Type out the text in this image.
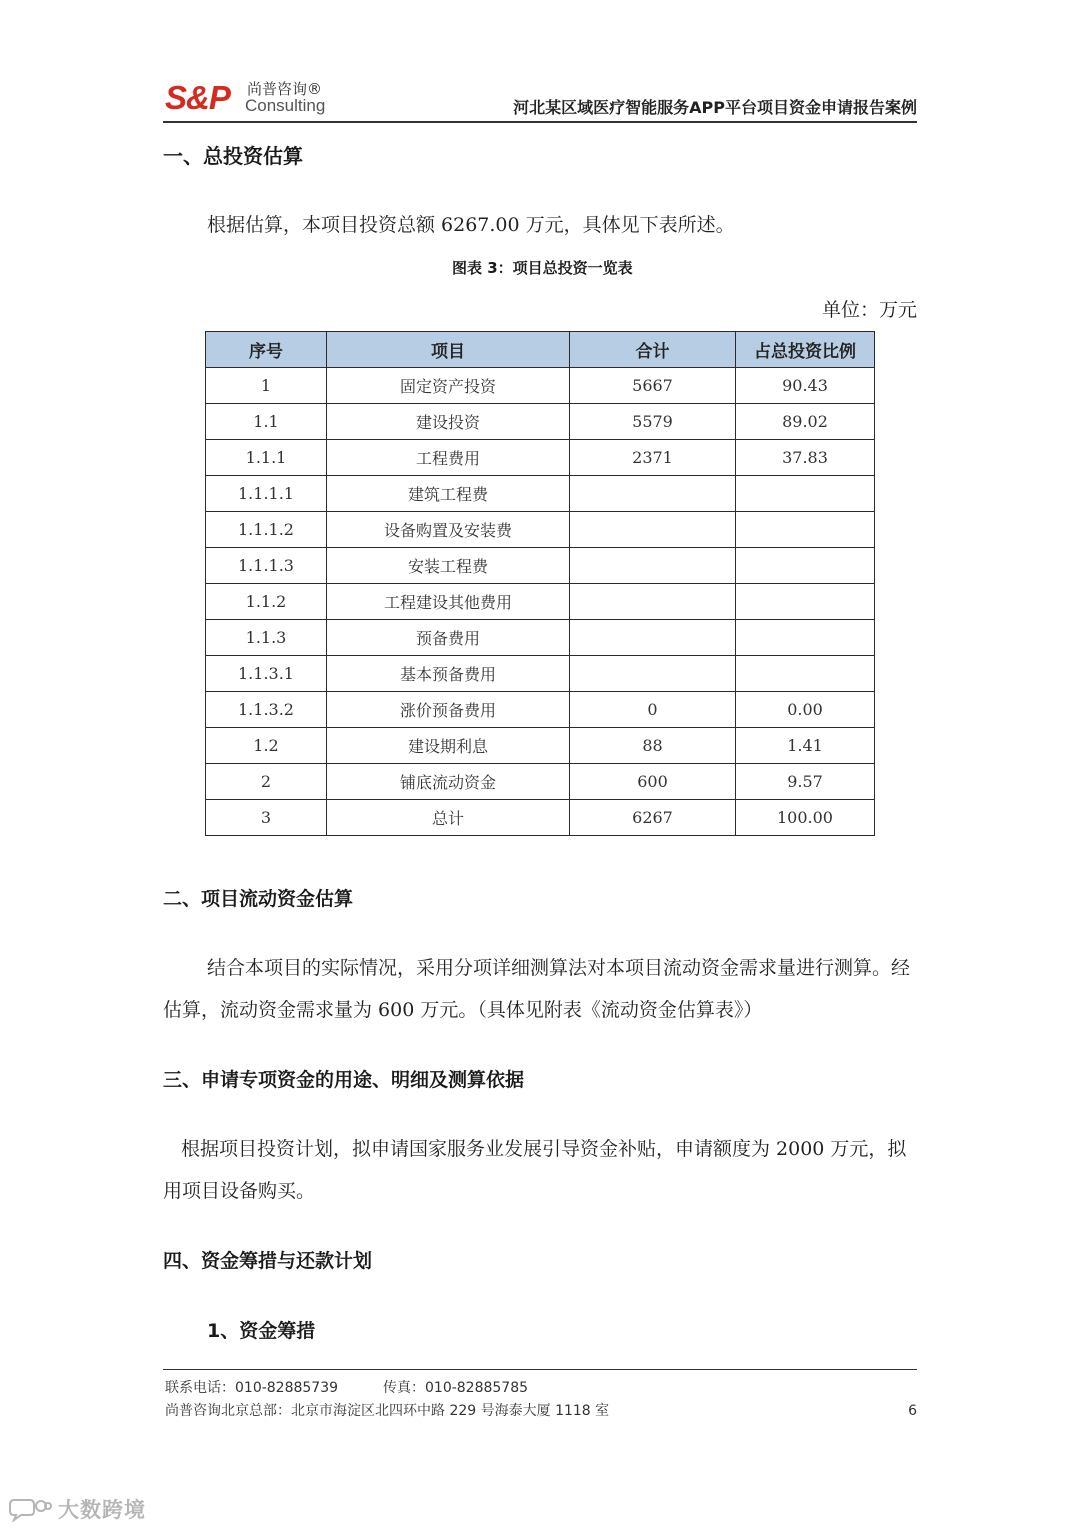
S&P 尚普咨询®
Consulting	河北某区域医疗智能服务APP平台项目资金申请报告案例
一、总投资估算
根据估算，本项目投资总额 6267.00 万元，具体见下表所述。
图表 3：项目总投资一览表
单位：万元
序号	项目	合计	占总投资比例
1	固定资产投资	5667	90.43
1.1	建设投资	5579	89.02
1.1.1	工程费用	2371	37.83
1.1.1.1	建筑工程费		
1.1.1.2	设备购置及安装费		
1.1.1.3	安装工程费		
1.1.2	工程建设其他费用		
1.1.3	预备费用		
1.1.3.1	基本预备费用		
1.1.3.2	涨价预备费用	0	0.00
1.2	建设期利息	88	1.41
2	铺底流动资金	600	9.57
3	总计	6267	100.00
二、项目流动资金估算
结合本项目的实际情况，采用分项详细测算法对本项目流动资金需求量进行测算。经估算，流动资金需求量为 600 万元。（具体见附表《流动资金估算表》）
三、申请专项资金的用途、明细及测算依据
根据项目投资计划，拟申请国家服务业发展引导资金补贴，申请额度为 2000 万元，拟用项目设备购买。
四、资金筹措与还款计划
1、资金筹措
联系电话：010-82885739	传真：010-82885785
尚普咨询北京总部：北京市海淀区北四环中路 229 号海泰大厦 1118 室	6
大数跨境
